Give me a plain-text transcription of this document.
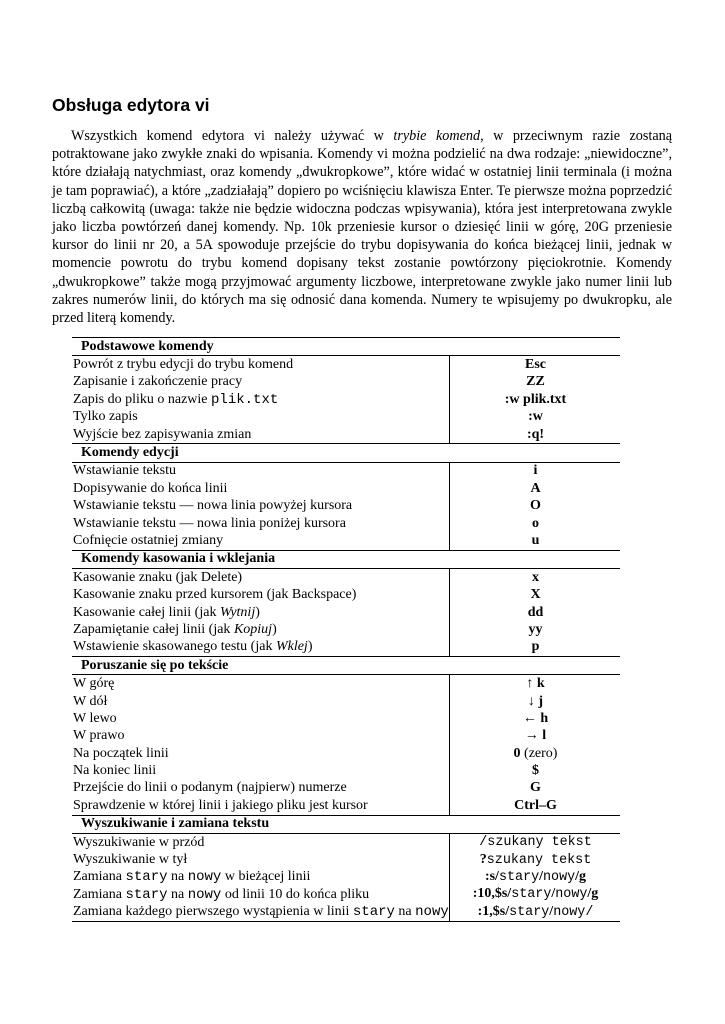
Obsługa edytora vi

Wszystkich komend edytora vi należy używać w trybie komend, w przeciwnym razie zostaną potraktowane jako zwykłe znaki do wpisania. Komendy vi można podzielić na dwa rodzaje: „niewidoczne”, które działają natychmiast, oraz komendy „dwukropkowe”, które widać w ostatniej linii terminala (i można je tam poprawiać), a które „zadziałają” dopiero po wciśnięciu klawisza Enter. Te pierwsze można poprzedzić liczbą całkowitą (uwaga: także nie będzie widoczna podczas wpisywania), która jest interpretowana zwykle jako liczba powtórzeń danej komendy. Np. 10k przeniesie kursor o dziesięć linii w górę, 20G przeniesie kursor do linii nr 20, a 5A spowoduje przejście do trybu dopisywania do końca bieżącej linii, jednak w momencie powrotu do trybu komend dopisany tekst zostanie powtórzony pięciokrotnie. Komendy „dwukropkowe” także mogą przyjmować argumenty liczbowe, interpretowane zwykle jako numer linii lub zakres numerów linii, do których ma się odnosić dana komenda. Numery te wpisujemy po dwukropku, ale przed literą komendy.

Podstawowe komendy	
Powrót z trybu edycji do trybu komend	Esc
Zapisanie i zakończenie pracy	ZZ
Zapis do pliku o nazwie plik.txt	:w plik.txt
Tylko zapis	:w
Wyjście bez zapisywania zmian	:q!
Komendy edycji	
Wstawianie tekstu	i
Dopisywanie do końca linii	A
Wstawianie tekstu — nowa linia powyżej kursora	O
Wstawianie tekstu — nowa linia poniżej kursora	o
Cofnięcie ostatniej zmiany	u
Komendy kasowania i wklejania	
Kasowanie znaku (jak Delete)	x
Kasowanie znaku przed kursorem (jak Backspace)	X
Kasowanie całej linii (jak Wytnij)	dd
Zapamiętanie całej linii (jak Kopiuj)	yy
Wstawienie skasowanego testu (jak Wklej)	p
Poruszanie się po tekście	
W górę	↑ k
W dół	↓ j
W lewo	← h
W prawo	→ l
Na początek linii	0 (zero)
Na koniec linii	$
Przejście do linii o podanym (najpierw) numerze	G
Sprawdzenie w której linii i jakiego pliku jest kursor	Ctrl–G
Wyszukiwanie i zamiana tekstu	
Wyszukiwanie w przód	/szukany tekst
Wyszukiwanie w tył	?szukany tekst
Zamiana stary na nowy w bieżącej linii	:s/stary/nowy/g
Zamiana stary na nowy od linii 10 do końca pliku	:10,$s/stary/nowy/g
Zamiana każdego pierwszego wystąpienia w linii stary na nowy	:1,$s/stary/nowy/
